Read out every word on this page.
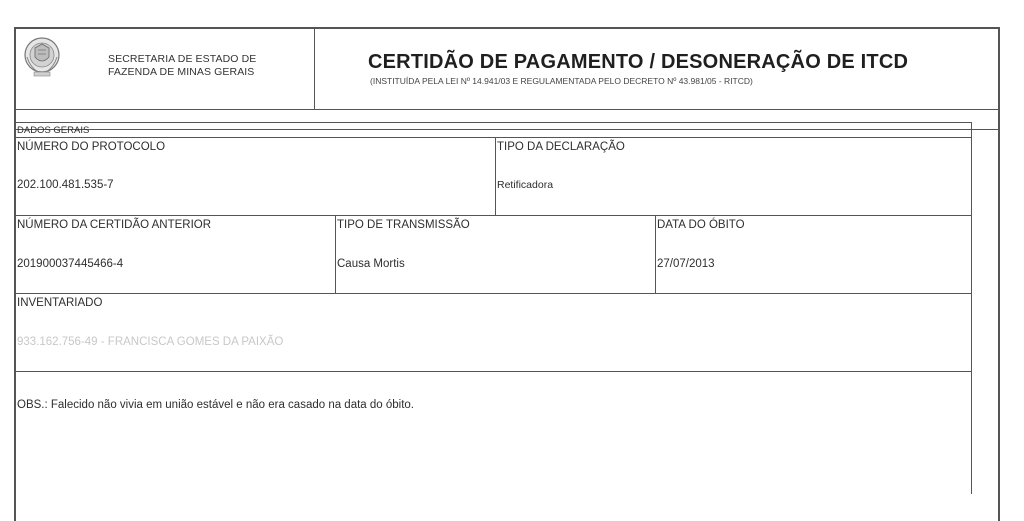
SECRETARIA DE ESTADO DE
FAZENDA DE MINAS GERAIS	CERTIDÃO DE PAGAMENTO / DESONERAÇÃO DE ITCD
(INSTITUÍDA PELA LEI Nº 14.941/03 E REGULAMENTADA PELO DECRETO Nº 43.981/05 - RITCD)
DADOS GERAIS
NÚMERO DO PROTOCOLO
202.100.481.535-7
TIPO DA DECLARAÇÃO
Retificadora
NÚMERO DA CERTIDÃO ANTERIOR
201900037445466-4
TIPO DE TRANSMISSÃO
Causa Mortis
DATA DO ÓBITO
27/07/2013
INVENTARIADO
933.162.756-49 - FRANCISCA GOMES DA PAIXÃO
OBS.: Falecido não vivia em união estável e não era casado na data do óbito.
